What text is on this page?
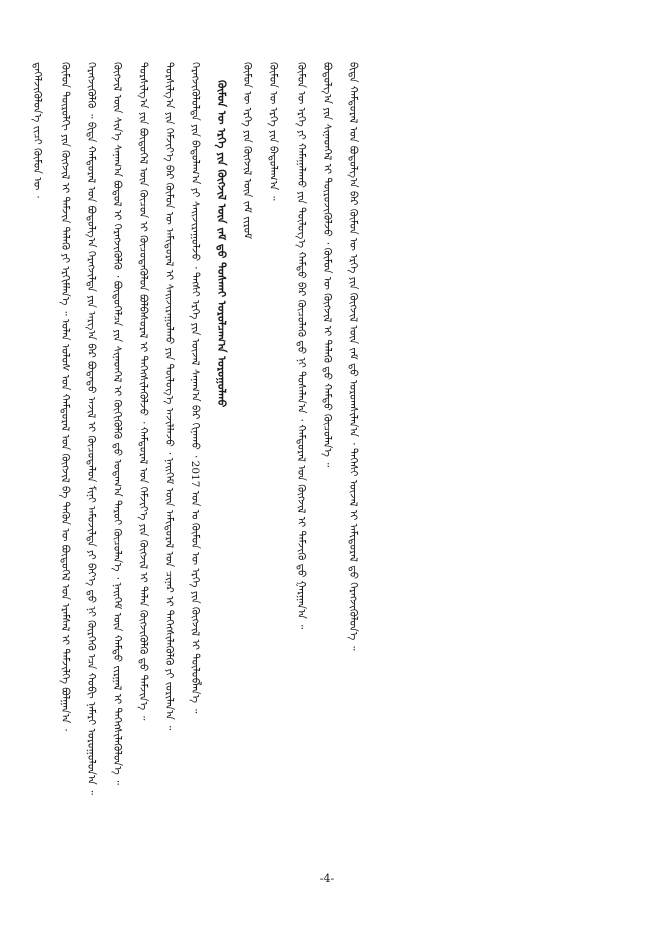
ᠳ᠋ᠡᠭᠡᠯᠵᠢᠭᠦᠯᠦᠨ᠎ᠡ ᠵᠢᠴᠢ ᠬᠦᠮᠦᠨ ᠦ ᠂ ᠬᠦᠮᠦᠨ ᠲᠥᠷᠥᠯᠬᠢ ᠶᠢᠨ ᠬᠥᠭᠵᠢᠯ ᠢ ᠳᠡᠮᠵᠢᠨ ᠲᠡᠯᠡᠬᠦ ᠶᠢ ᠡᠷᠬᠢᠮᠯᠡᠨ᠎ᠡ ᠃ ᠣᠯᠠᠨ ᠤᠯᠤᠰ ᠤᠨ ᠬᠠᠮᠲᠤᠷᠠᠯ ᠤᠨ ᠬᠥᠭᠵᠢᠯ ᠪᠠ ᠲᠡᠭᠦᠨ ᠦ ᠪᠦᠲᠦᠭᠡᠯ ᠤᠨ ᠡᠷᠡᠮᠰᠡᠯ ᠢ ᠳᠡᠮᠵᠢᠯᠭᠡ ᠪᠣᠯᠭᠠᠨ᠎ᠠ ᠂ ᠬᠡᠷᠡᠭᠵᠢᠭᠦᠯᠬᠦ ᠃ ᠪᠢᠳᠡ ᠬᠠᠮᠲᠤᠷᠠᠯ ᠤᠨ ᠪᠣᠳᠣᠯᠭ᠎ᠠ ᠬᠡᠷᠡᠭᠵᠢᠯᠲᠡ ᠶᠢᠨ ᠠᠷᠭ᠎ᠠ ᠪᠠᠷ ᠪᠣᠳᠠᠲᠤ ᠠᠵᠢᠯ ᠢ ᠬᠦᠴᠦᠳᠡᠯᠦᠨ ᠮᠢᠨᠢ ᠠᠮᠤᠵᠢᠯᠲᠠ ᠶᠢ ᠪᠡᠶ᠎ᠡ ᠳ᠋ᠤ ᠨᠢ ᠬᠦᠷᠭᠡᠬᠦ ᠡᠴᠡ ᠬᠤᠪᠢ ᠨᠡᠮᠡᠷᠢ ᠣᠷᠣᠭᠤᠯᠤᠨ᠎ᠠ ᠃ ᠬᠥᠭᠵᠢᠯ ᠦᠨ ᠰᠢᠨ᠎ᠡ ᠰᠠᠨᠠᠭ᠎ᠠ ᠪᠣᠳᠣᠯ ᠢ ᠬᠡᠷᠡᠭᠵᠢᠭᠦᠯᠬᠦ ᠂ ᠪᠦᠲᠦᠭᠡᠯᠴᠡ ᠶᠢᠨ ᠰᠢᠨᠡᠳᠬᠡᠯ ᠢ ᠬᠥᠬᠢᠭᠦᠯᠬᠦ ᠳ᠋ᠤ ᠤᠳᠠᠭ᠎ᠠ ᠳᠠᠷᠤᠢ ᠬᠦᠴᠦᠯᠡᠨ᠎ᠡ ᠂ ᠨᠡᠢᠭᠡᠮ ᠦᠨ ᠬᠠᠮᠲᠤ ᠵᠢᠷᠭᠠᠯ ᠢ ᠳᠡᠭᠡᠭᠰᠢᠯᠡᠭᠦᠯᠦᠨ᠎ᠡ ᠃ ᠲᠤᠷᠰᠢᠯᠭ᠎ᠠ ᠶᠢᠨ ᠪᠦᠲᠦᠭᠡᠯ ᠦᠨ ᠬᠦᠴᠦᠨ ᠢ ᠬᠦᠴᠦᠳᠡᠭᠦᠯᠦᠨ ᠪᠣᠯᠪᠠᠰᠤᠷᠠᠯ ᠢ ᠳᠡᠭᠡᠭᠰᠢᠯᠡᠭᠦᠯᠵᠦ ᠂ ᠬᠠᠮᠲᠤᠷᠠᠯ ᠤᠨ ᠬᠡᠮᠵᠢᠶ᠎ᠡ ᠶᠢᠨ ᠬᠥᠭᠵᠢᠯ ᠢ ᠲᠡᠯᠡᠨ ᠬᠥᠭᠵᠢᠭᠦᠯᠬᠦ ᠳ᠋ᠦ ᠳᠡᠮᠵᠢᠨ᠎ᠡ ᠃ ᠲᠤᠷᠰᠢᠯᠭ᠎ᠠ ᠶᠢᠨ ᠬᠡᠮᠵᠢᠶ᠎ᠡ ᠪᠡᠷ ᠬᠦᠮᠦᠨ ᠦ ᠠᠮᠢᠳᠤᠷᠠᠯ ᠢ ᠰᠠᠢᠵᠢᠷᠠᠭᠤᠯᠬᠤ ᠶᠢᠨ ᠲᠥᠯᠥᠭ᠎ᠡ ᠠᠵᠢᠯᠯᠠᠵᠤ ᠂ ᠨᠡᠢᠭᠡᠮ ᠦᠨ ᠠᠮᠢᠳᠤᠷᠠᠯ ᠤᠨ ᠴᠢᠨᠠᠷ ᠢ ᠳᠡᠭᠡᠭᠰᠢᠯᠡᠭᠦᠯᠬᠦ ᠶᠢ ᠵᠣᠷᠢᠯᠠᠨ᠎ᠠ ᠃ ᠬᠡᠷᠡᠭᠵᠢᠭᠦᠯᠦᠯᠲᠡ ᠶᠢᠨ ᠪᠠᠲᠤᠯᠠᠭ᠎ᠠ ᠶᠢ ᠰᠠᠢᠵᠢᠷᠠᠭᠤᠯᠵᠤ ᠂ ᠲᠡᠭᠰᠢ ᠡᠷᠬᠡ ᠶᠢᠨ ᠦᠵᠡᠯ ᠰᠠᠨᠠᠭ᠎ᠠ ᠪᠠᠷ ᠬᠢᠨᠠᠬᠤ ᠂ 2017 ᠣᠨ ᠤ ᠬᠦᠮᠦᠨ ᠦ ᠡᠷᠬᠡ ᠶᠢᠨ ᠬᠥᠭᠵᠢᠯ ᠢ ᠲᠥᠯᠥᠪᠯᠡᠨ᠎ᠡ ᠃ ᠬᠦᠮᠦᠨ ᠦ ᠡᠷᠬᠡ ᠶᠢᠨ ᠬᠥᠭᠵᠢᠯ ᠦᠨ ᠵᠠᠮ ᠳ᠋ᠤ ᠲᠤᠰᠬᠠᠢ ᠤᠷᠤᠯᠴᠠᠭ᠎ᠠ ᠣᠷᠣᠭᠤᠯᠬᠤ ᠬᠦᠮᠦᠨ ᠦ ᠡᠷᠬᠡ ᠶᠢᠨ ᠬᠥᠭᠵᠢᠯ ᠦᠨ ᠵᠠᠮ ᠵᠢᠷᠤᠮ ᠬᠦᠮᠦᠨ ᠦ ᠡᠷᠬᠡ ᠶᠢᠨ ᠪᠠᠲᠤᠯᠠᠭ᠎ᠠ ᠃ ᠬᠦᠮᠦᠨ ᠦ ᠡᠷᠬᠡ ᠶᠢ ᠬᠠᠮᠠᠭᠠᠯᠠᠬᠤ ᠶᠢᠨ ᠲᠥᠯᠥᠭ᠎ᠡ ᠬᠠᠮᠲᠤ ᠪᠡᠷ ᠬᠦᠴᠦᠯᠡᠬᠦ ᠳ᠋ᠤ ᠨᠢ ᠲᠤᠰᠠᠯᠠᠨ᠎ᠠ ᠂ ᠬᠠᠮᠲᠤᠷᠠᠯ ᠤᠨ ᠬᠥᠭᠵᠢᠯ ᠢ ᠳᠡᠮᠵᠢᠬᠦ ᠳ᠋ᠦ ᠭᠠᠷᠭᠠᠨ᠎ᠠ ᠃ ᠪᠣᠳᠣᠯᠭ᠎ᠠ ᠶᠢᠨ ᠰᠢᠨᠡᠳᠬᠡᠯ ᠢ ᠲᠥᠷᠥᠵᠢᠭᠦᠯᠵᠦ ᠂ ᠬᠦᠮᠦᠨ ᠦ ᠬᠥᠭᠵᠢᠯ ᠢ ᠲᠡᠯᠡᠬᠦ ᠳ᠋ᠦ ᠬᠠᠮᠲᠤ ᠬᠦᠴᠦᠯᠡᠨ᠎ᠡ ᠃ ᠪᠢᠳᠡ ᠬᠠᠮᠲᠤᠷᠠᠯ ᠤᠨ ᠪᠣᠳᠣᠯᠭ᠎ᠠ ᠪᠠᠷ ᠬᠦᠮᠦᠨ ᠦ ᠡᠷᠬᠡ ᠶᠢᠨ ᠬᠥᠭᠵᠢᠯ ᠦᠨ ᠵᠠᠮ ᠳ᠋ᠤ ᠤᠷᠤᠭᠰᠢᠯᠠᠨ᠎ᠠ ᠂ ᠲᠡᠭᠡᠰᠢ ᠦᠵᠡᠯ ᠢ ᠠᠮᠢᠳᠤᠷᠠᠯ ᠳ᠋ᠤ ᠬᠡᠷᠡᠭᠵᠢᠭᠦᠯᠦᠨ᠎ᠡ ᠃
-4-
